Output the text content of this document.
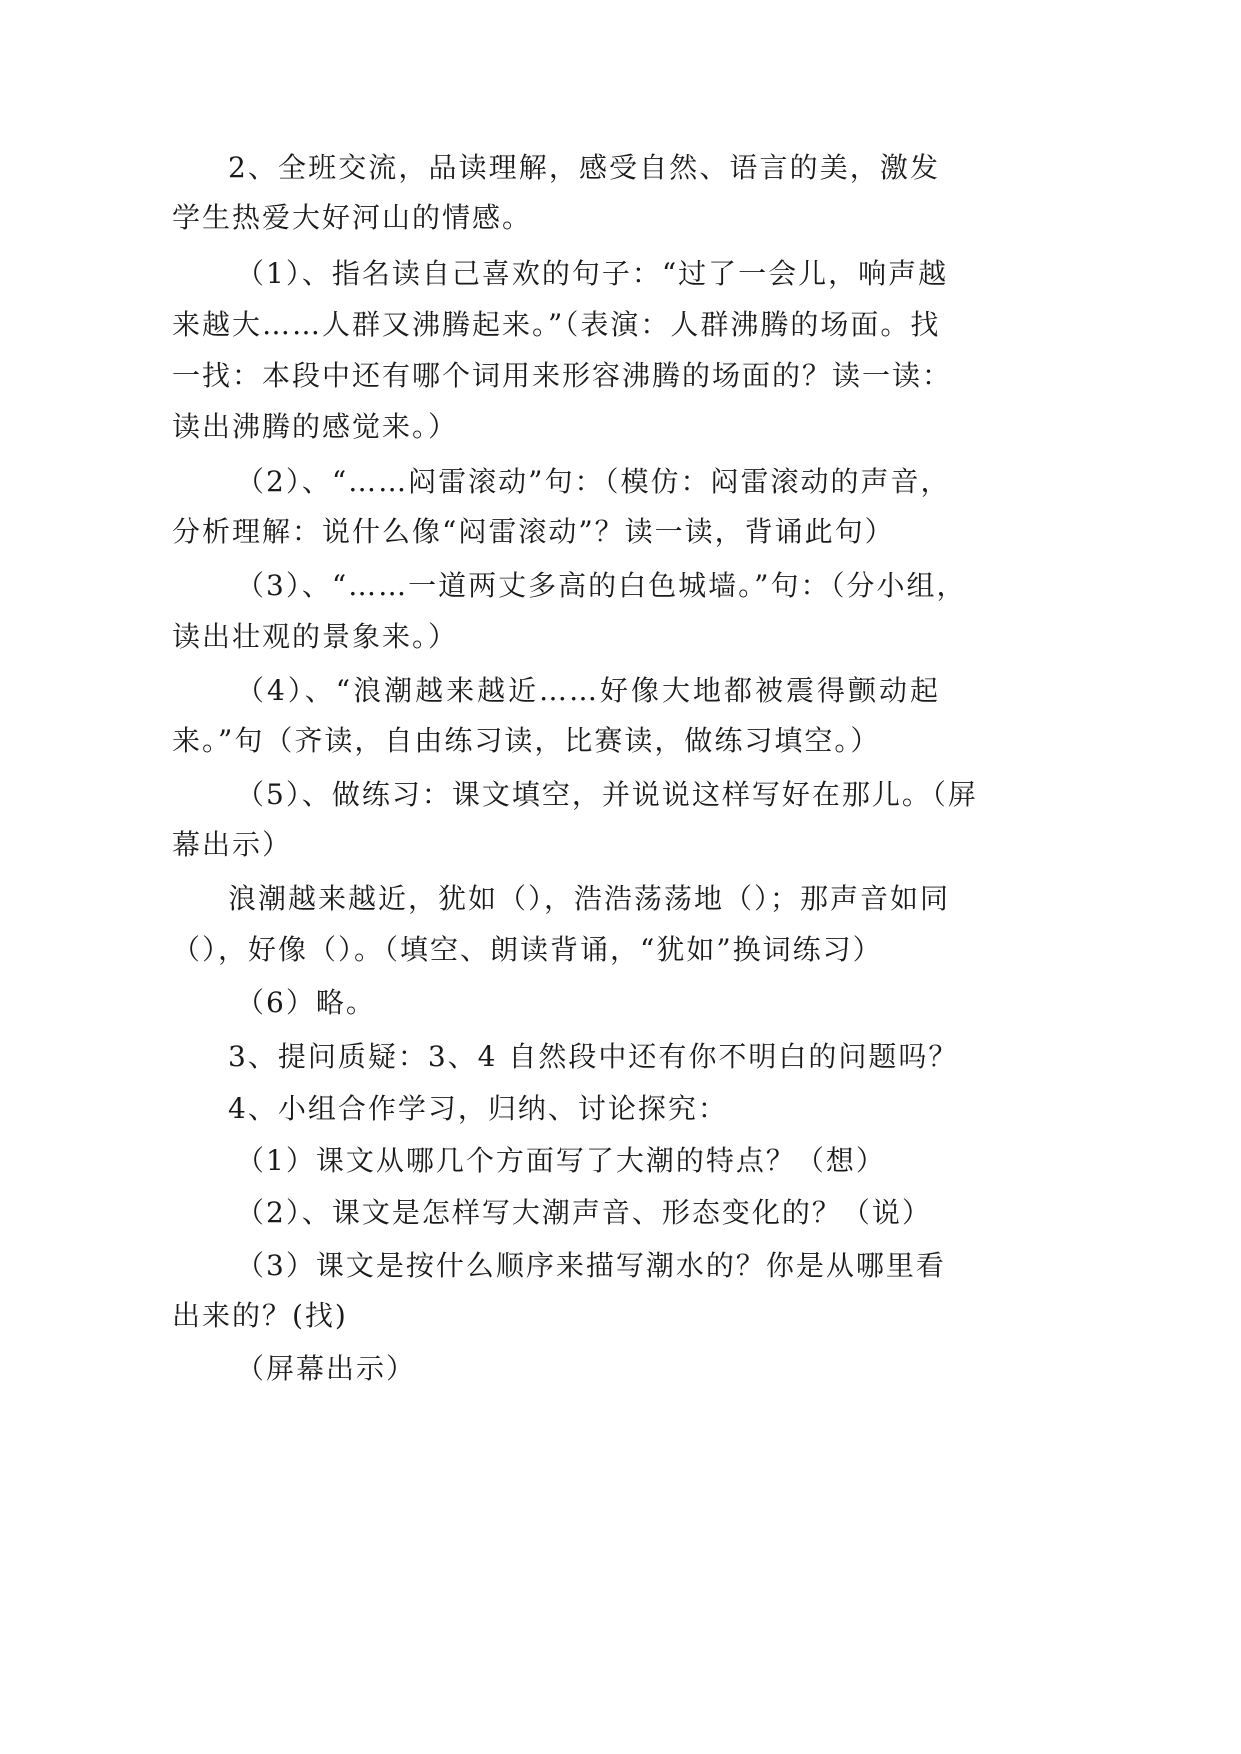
2、全班交流，品读理解，感受自然、语言的美，激发

学生热爱大好河山的情感。

（1）、指名读自己喜欢的句子：“过了一会儿，响声越

来越大……人群又沸腾起来。”（表演：人群沸腾的场面。找

一找：本段中还有哪个词用来形容沸腾的场面的？读一读：

读出沸腾的感觉来。）

（2）、“……闷雷滚动”句：（模仿：闷雷滚动的声音，

分析理解：说什么像“闷雷滚动”？读一读，背诵此句）

（3）、“……一道两丈多高的白色城墙。”句：（分小组，

读出壮观的景象来。）

（4）、“浪潮越来越近……好像大地都被震得颤动起

来。”句（齐读，自由练习读，比赛读，做练习填空。）

（5）、做练习：课文填空，并说说这样写好在那儿。（屏

幕出示）

浪潮越来越近，犹如（），浩浩荡荡地（）；那声音如同

（），好像（）。（填空、朗读背诵，“犹如”换词练习）

（6）略。

3、提问质疑：3、4 自然段中还有你不明白的问题吗？

4、小组合作学习，归纳、讨论探究：

（1）课文从哪几个方面写了大潮的特点？（想）

（2）、课文是怎样写大潮声音、形态变化的？（说）

（3）课文是按什么顺序来描写潮水的？你是从哪里看

出来的？(找)

（屏幕出示）
